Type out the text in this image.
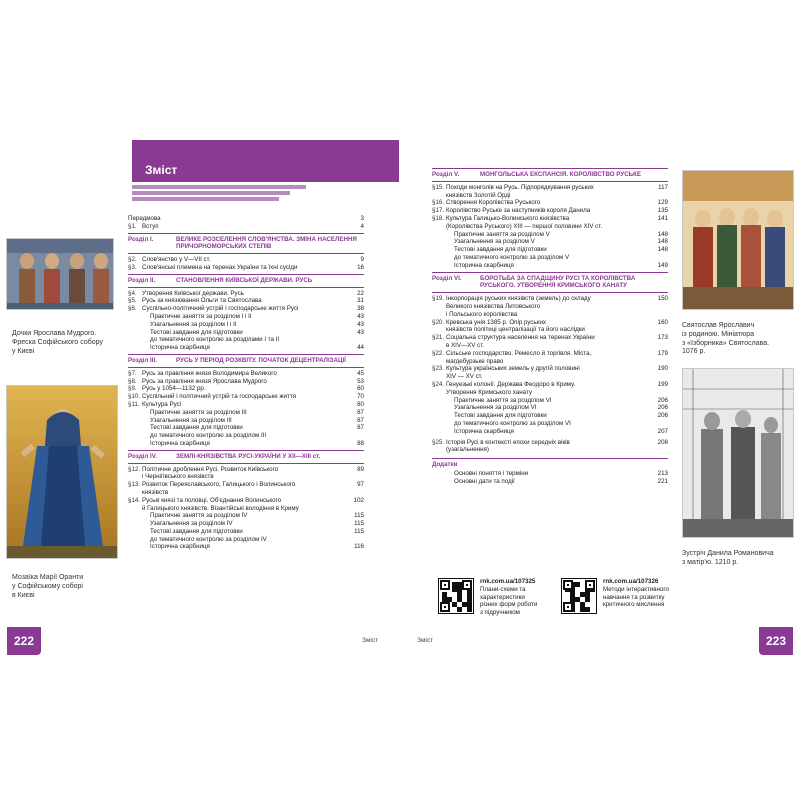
Зміст
Дочки Ярослава Мудрого.
Фреска Софійського собору
у Києві
Мозаїка Марії Оранти
у Софійському соборі
в Києві
Передмова	3
§1. Вступ	4
Розділ I.	ВЕЛИКЕ РОЗСЕЛЕННЯ СЛОВ'ЯНСТВА. ЗМІНА НАСЕЛЕННЯ ПРИЧОРНОМОРСЬКИХ СТЕПІВ
§2. Слов'янство у V—VII ст.	9
§3. Слов'янські племена на теренах України та їхні сусіди	16
Розділ II.	СТАНОВЛЕННЯ КИЇВСЬКОЇ ДЕРЖАВИ. РУСЬ
§4. Утворення Київської держави. Русь	22
§5. Русь за князювання Ольги та Святослава	31
§6. Суспільно-політичний устрій і господарське життя Русі	38
Практичне заняття за розділом I і II	43
Узагальнення за розділом I і II	43
Тестові завдання для підготовки
до тематичного контролю за розділами I та II
43
Історична скарбниця	44
Розділ III.	РУСЬ У ПЕРІОД РОЗКВІТУ. ПОЧАТОК ДЕЦЕНТРАЛІЗАЦІЇ
§7. Русь за правління князя Володимира Великого	45
§8. Русь за правління князя Ярослава Мудрого	53
§9. Русь у 1054—1132 рр.	60
§10. Суспільний і політичний устрій та господарське життя	70
§11. Культура Русі	80
Практичне заняття за розділом III	87
Узагальнення за розділом III	87
Тестові завдання для підготовки
до тематичного контролю за розділом III
87
Історична скарбниця	88
Розділ IV.	ЗЕМЛІ-КНЯЗІВСТВА РУСІ-УКРАЇНИ У XII—XIII ст.
§12. Політичне дроблення Русі. Розвиток Київського
і Чернігівського князівств
89
§13. Розвиток Переяславського, Галицького і Волинського
князівств
97
§14. Руські князі та половці. Об'єднання Волинського
й Галицького князівств. Візантійські володіння в Криму
102
Практичне заняття за розділом IV	115
Узагальнення за розділом IV	115
Тестові завдання для підготовки
до тематичного контролю за розділом IV
115
Історична скарбниця	116
Розділ V.	МОНГОЛЬСЬКА ЕКСПАНСІЯ. КОРОЛІВСТВО РУСЬКЕ
§15. Походи монголів на Русь. Підпорядкування руських
князівств Золотій Орді
117
§16. Створення Королівства Руського	129
§17. Королівство Руське за наступників короля Данила	135
§18. Культура Галицько-Волинського князівства
(Королівства Руського) XIII — першої половини XIV ст.
141
Практичне заняття за розділом V	148
Узагальнення за розділом V	148
Тестові завдання для підготовки
до тематичного контролю за розділом V
148
Історична скарбниця	149
Розділ VI.	БОРОТЬБА ЗА СПАДЩИНУ РУСІ ТА КОРОЛІВСТВА РУСЬКОГО. УТВОРЕННЯ КРИМСЬКОГО ХАНАТУ
§19. Інкорпорація руських князівств (земель) до складу
Великого князівства Литовського
і Польського королівства
150
§20. Кревська унія 1385 р. Опір руських
князівств політиці централізації та його наслідки
160
§21. Соціальна структура населення на теренах України
в XIV—XV ст.
173
§22. Сільське господарство. Ремесло й торгівля. Міста,
магдебурзьке право
179
§23. Культура українських земель у другій половині
XIV — XV ст.
190
§24. Генуезькі колонії. Держава Феодоро в Криму.
Утворення Кримського ханату
199
Практичне заняття за розділом VI	206
Узагальнення за розділом VI	206
Тестові завдання для підготовки
до тематичного контролю за розділом VI
206
Історична скарбниця	207
§25. Історія Русі в контексті епохи середніх віків
(узагальнення)
208
Додатки
Основні поняття і терміни	213
Основні дати та події	221
Святослав Ярославич
із родиною. Мініатюра
з «Ізборника» Святослава.
1076 р.
Зустріч Данила Романовича
з матір'ю. 1210 р.
rnk.com.ua/107325
Плани-схеми та
характеристики
різних форм роботи
з підручником
rnk.com.ua/107326
Методи інтерактивного
навчання та розвитку
критичного мислення
222	223
Зміст	Зміст
